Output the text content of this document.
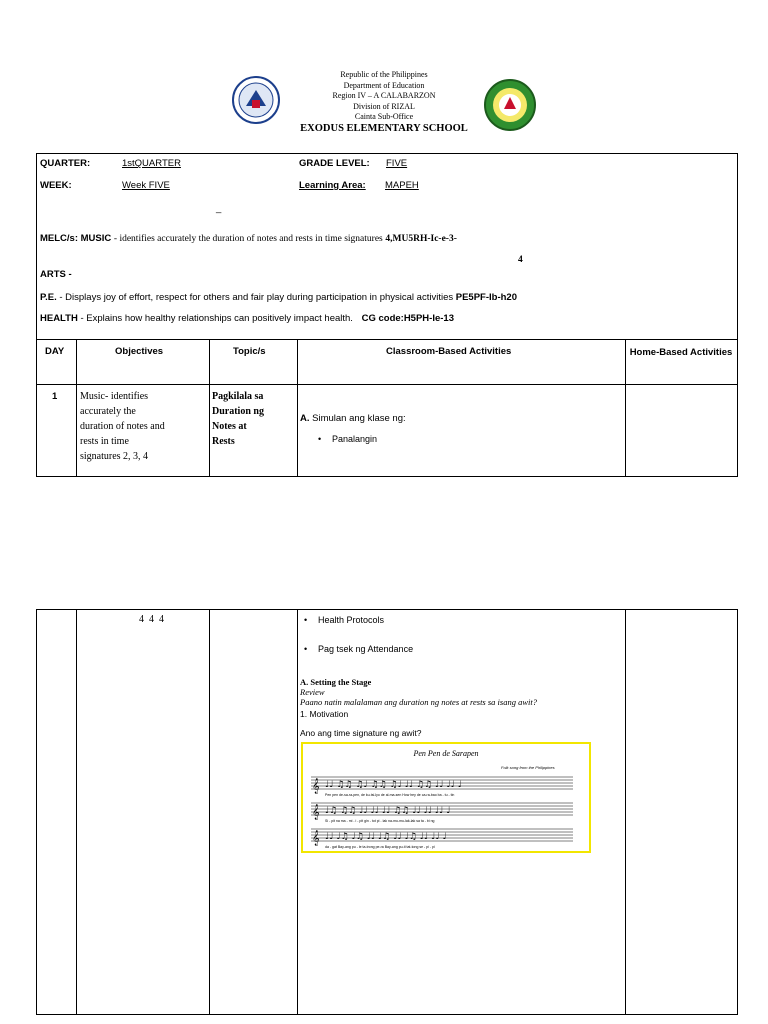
Republic of the Philippines
Department of Education
Region IV – A CALABARZON
Division of RIZAL
Cainta Sub-Office
EXODUS ELEMENTARY SCHOOL
QUARTER:	1stQUARTER	GRADE LEVEL: FIVE
WEEK:	Week FIVE	Learning Area: MAPEH
_
MELC/s: MUSIC - identifies accurately the duration of notes and rests in time signatures 4,MU5RH-Ic-e-3-
4
ARTS -
P.E. - Displays joy of effort, respect for others and fair play during participation in physical activities PE5PF-Ib-h20
HEALTH - Explains how healthy relationships can positively impact health. CG code:H5PH-Ie-13
DAY	Objectives	Topic/s	Classroom-Based Activities	Home-Based Activities
1 Music- identifies
accurately the
duration of notes and
rests in time
signatures 2, 3, 4
Pagkilala sa
Duration ng
Notes at
Rests
A. Simulan ang klase ng:
• Panalangin
4  4  4
•	Health Protocols
• Pag tsek ng Attendance
A. Setting the Stage
Review
Paano natin malalaman ang duration ng notes at rests sa isang awit?
1. Motivation
Ano ang time signature ng awit?
Pen Pen de Sarapen
Folk song from the Philippines
𝄞
𝄞
𝄞
♩♩ ♫♫ ♫♩ ♫♫ ♫♩ ♩♩ ♫♫ ♩♩ ♩♩ ♩
♩♫ ♫♫ ♩♩ ♩♩ ♩♩ ♫♫ ♩♩ ♩♩ ♩♩ ♩
♩♩ ♩♫ ♩♫ ♩♩ ♩♫ ♩♩ ♩♫ ♩♩ ♩♩ ♩
Pen pen de-sa-ra-pen, de ku-tsi-lyo de al-ma-sen How hey de ca-ra-bao ba - tu - tin
Si - pit na ma - mi - i - pit gin - tot pi - lak na-mu-mu-lak-lak sa ta - bi ng
da - gat Bay-ang pu - le ta-trong pe-ra Bay-ang pu-ti tat-tong se - pi - pi
